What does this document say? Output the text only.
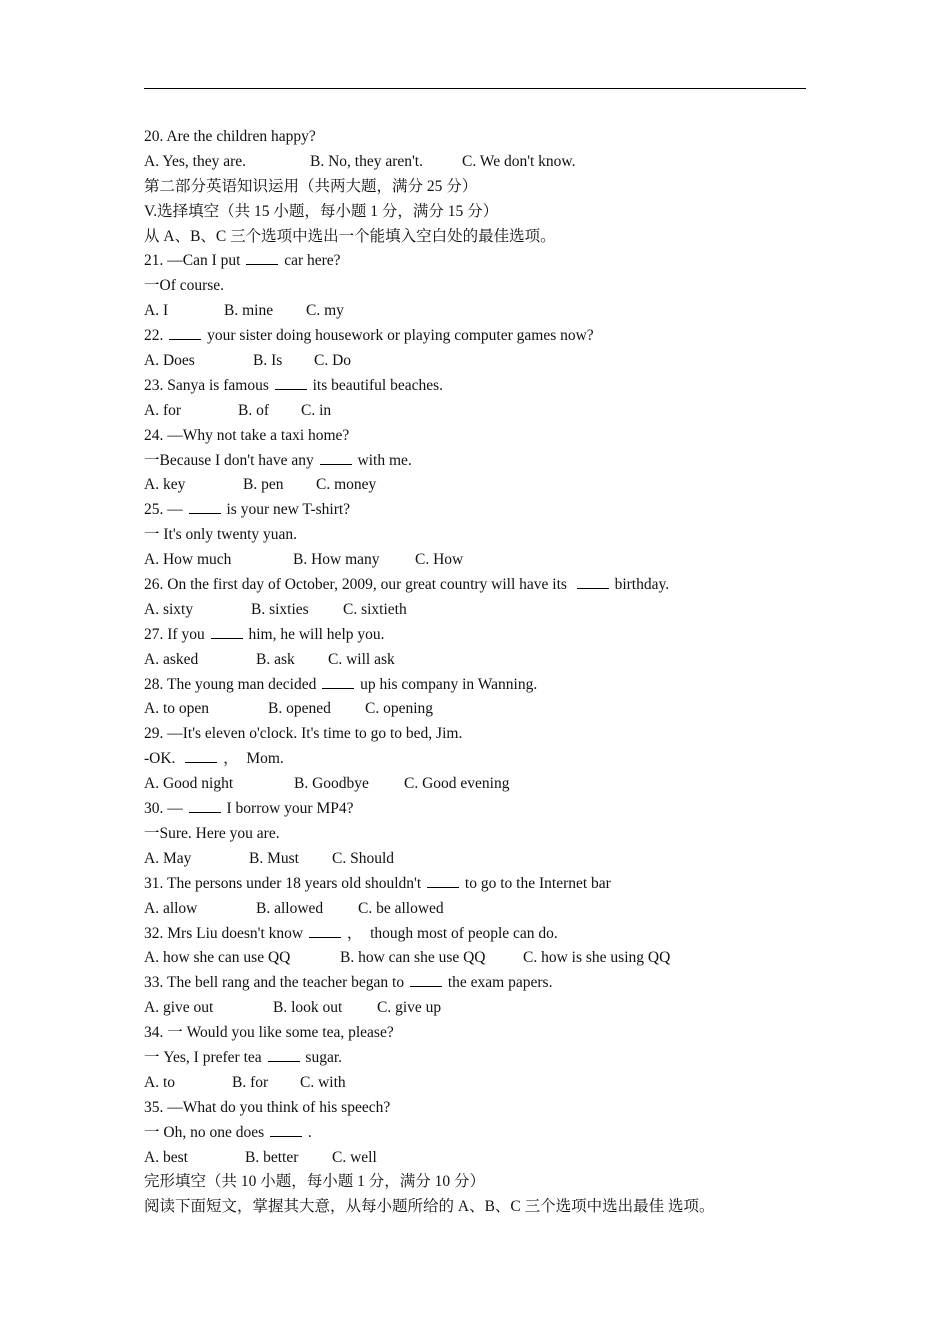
20. Are the children happy?
A. Yes, they are.	B. No, they aren't.	C. We don't know.
第二部分英语知识运用（共两大题，满分 25 分）
V.选择填空（共 15 小题，每小题 1 分，满分 15 分）
从 A、B、C 三个选项中选出一个能填入空白处的最佳选项。
21. —Can I put	car here?
一Of course.
A. I	B. mine C. my
22.	your sister doing housework or playing computer games now?
A. Does	B. Is C. Do
23. Sanya is famous	its beautiful beaches.
A. for	B. of C. in
24. —Why not take a taxi home?
一Because I don't have any	with me.
A. key	B. pen C. money
25. —	is your new T-shirt?
一 It's only twenty yuan.
A. How much	B. How many C. How
26. On the first day of October, 2009, our great country will have its	birthday.
A. sixty	B. sixties C. sixtieth
27. If you	him, he will help you.
A. asked	B. ask C. will ask
28. The young man decided	up his company in Wanning.
A. to open	B. opened C. opening
29. —It's eleven o'clock. It's time to go to bed, Jim.
-OK.	，  Mom.
A. Good night	B. Goodbye C. Good evening
30. —	I borrow your MP4?
一Sure. Here you are.
A. May	B. Must C. Should
31. The persons under 18 years old shouldn't	to go to the Internet bar
A. allow	B. allowed C. be allowed
32. Mrs Liu doesn't know	，  though most of people can do.
A. how she can use QQ	B. how can she use QQ C. how is she using QQ
33. The bell rang and the teacher began to	the exam papers.
A. give out	B. look out C. give up
34. 一 Would you like some tea, please?
一 Yes, I prefer tea	sugar.
A. to	B. for C. with
35. —What do you think of his speech?
一 Oh, no one does	.
A. best	B. better C. well
完形填空（共 10 小题，每小题 1 分，满分 10 分）
阅读下面短文，掌握其大意，从每小题所给的 A、B、C 三个选项中选出最佳 选项。
